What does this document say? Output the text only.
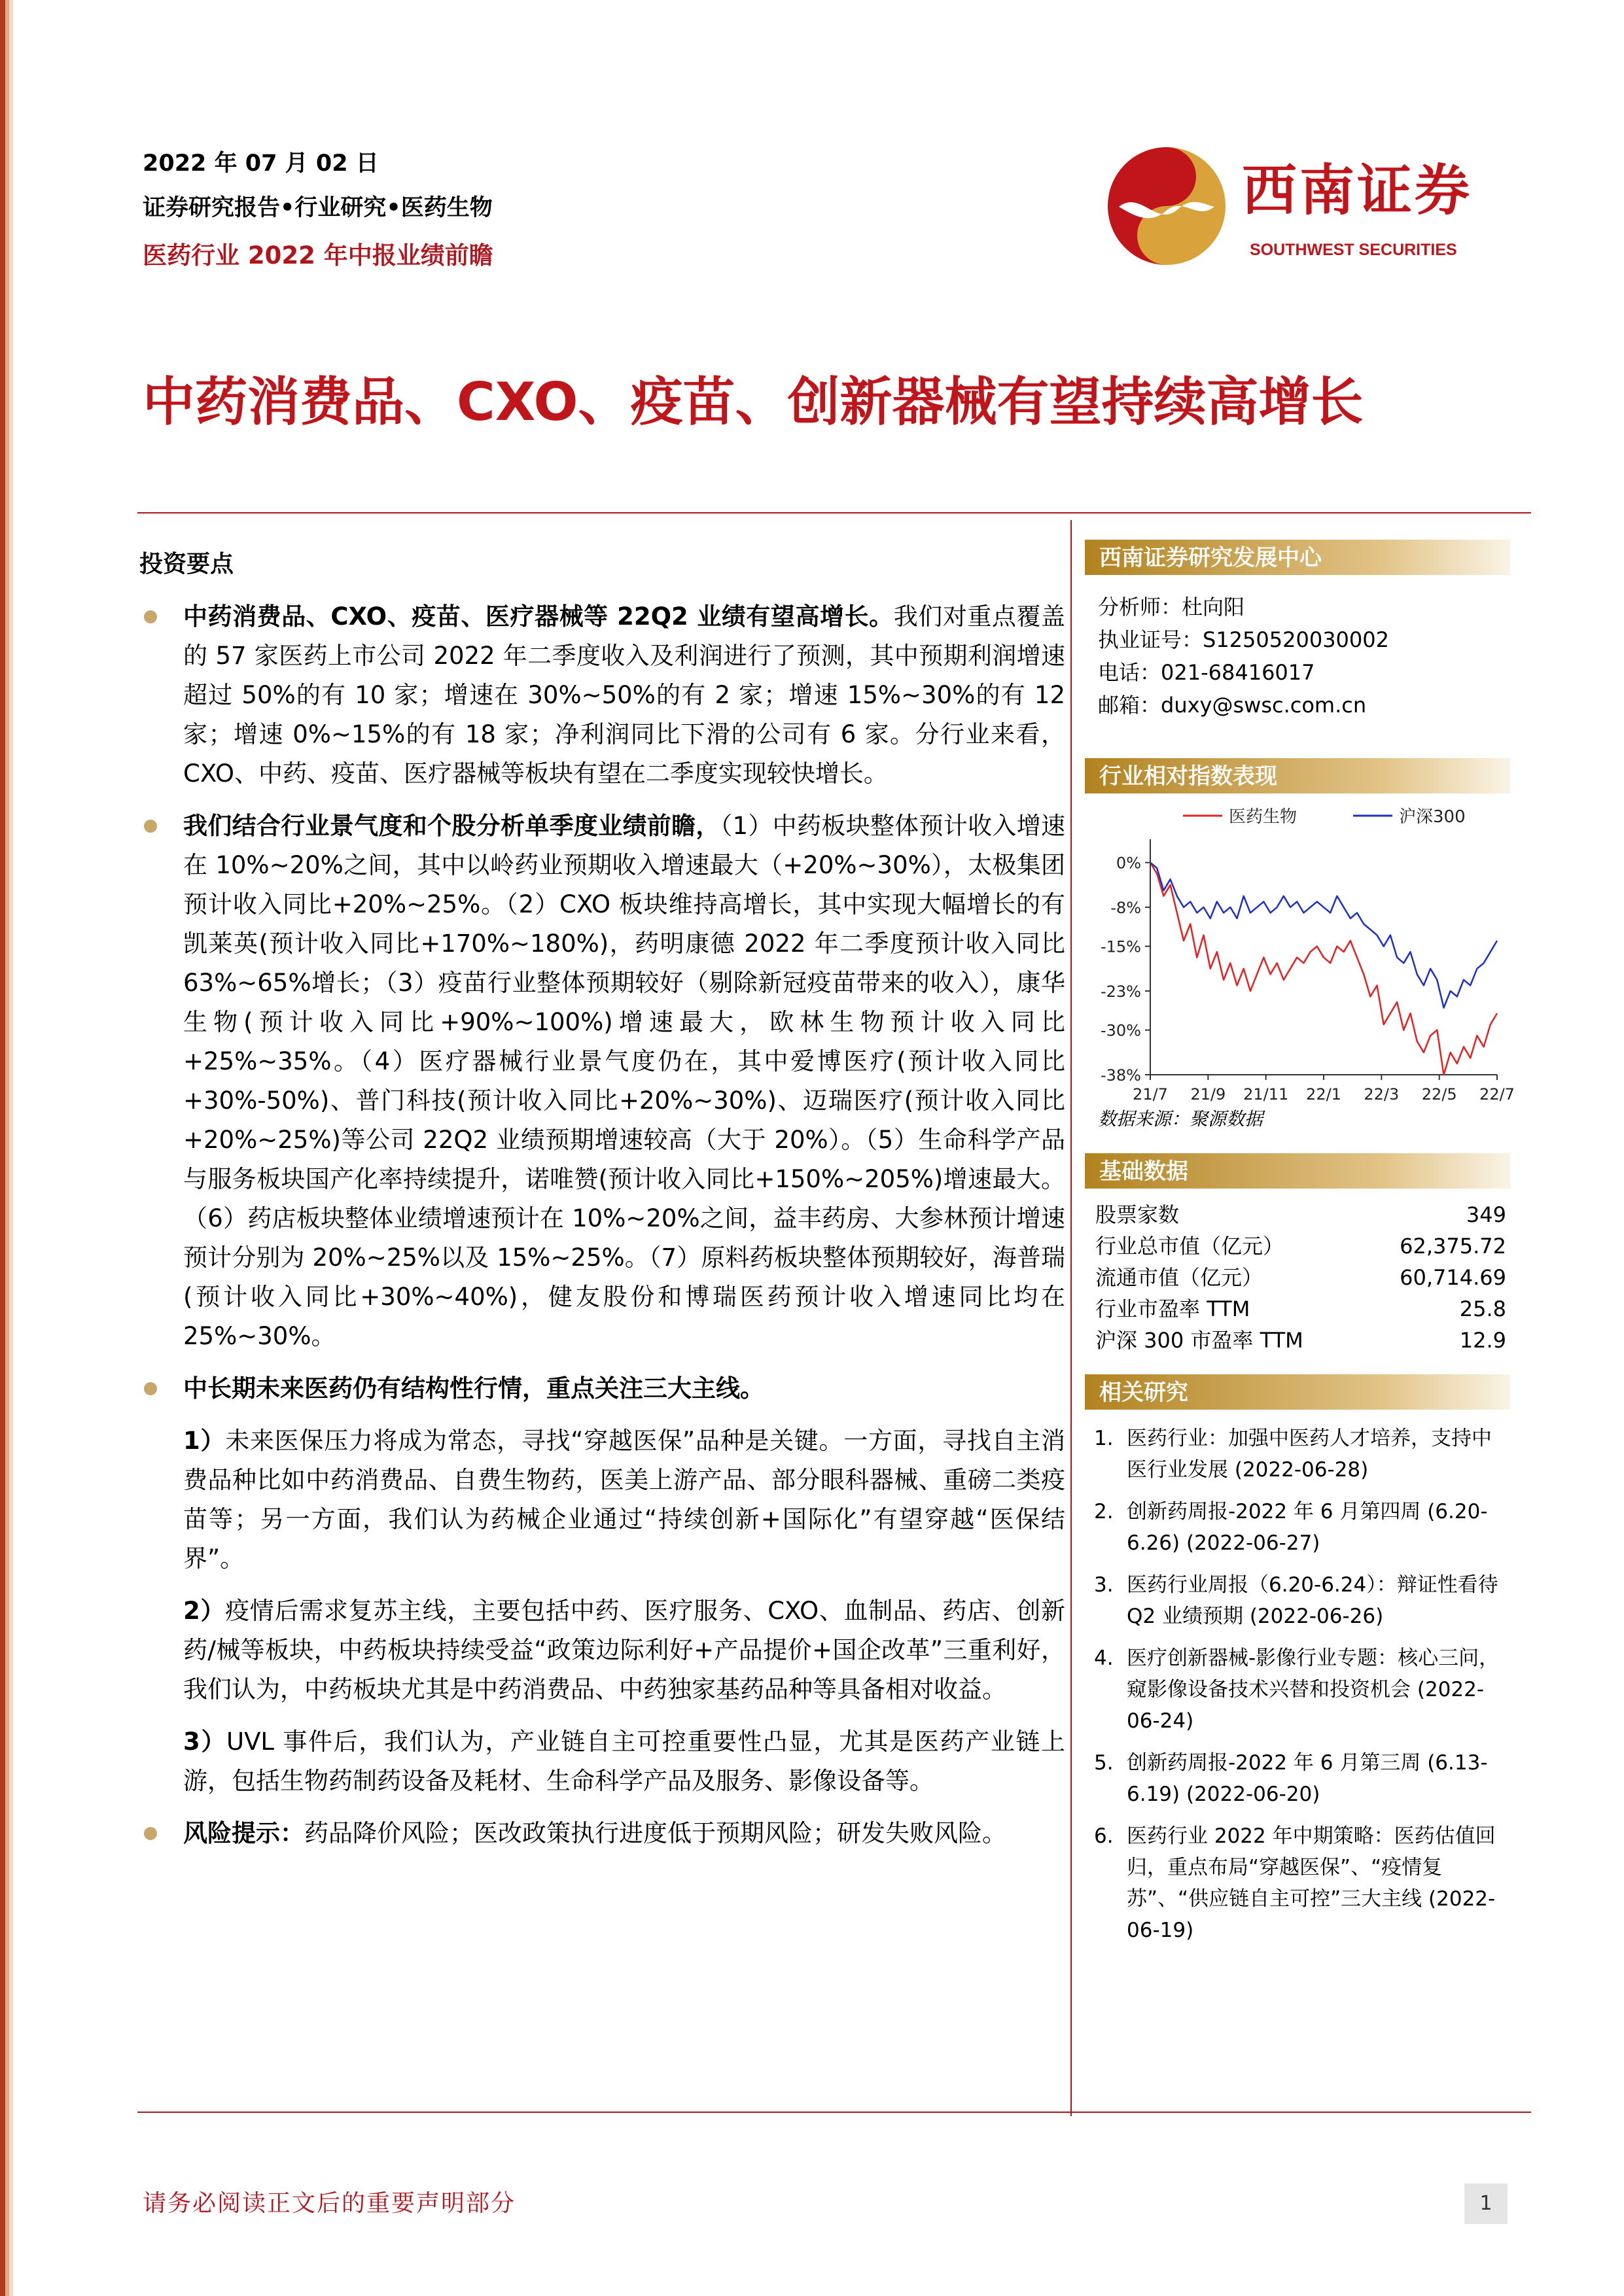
2022 年 07 月 02 日
证券研究报告•行业研究•医药生物
医药行业 2022 年中报业绩前瞻
西南证券
SOUTHWEST SECURITIES
中药消费品、CXO、疫苗、创新器械有望持续高增长
投资要点
中药消费品、CXO、疫苗、医疗器械等 22Q2 业绩有望高增长。我们对重点覆盖的 57 家医药上市公司 2022 年二季度收入及利润进行了预测，其中预期利润增速超过 50%的有 10 家；增速在 30%~50%的有 2 家；增速 15%~30%的有 12 家；增速 0%~15%的有 18 家；净利润同比下滑的公司有 6 家。分行业来看，CXO、中药、疫苗、医疗器械等板块有望在二季度实现较快增长。
我们结合行业景气度和个股分析单季度业绩前瞻，（1）中药板块整体预计收入增速在 10%~20%之间，其中以岭药业预期收入增速最大（+20%~30%），太极集团预计收入同比+20%~25%。（2）CXO 板块维持高增长，其中实现大幅增长的有凯莱英(预计收入同比+170%~180%)，药明康德 2022 年二季度预计收入同比 63%~65%增长；（3）疫苗行业整体预期较好（剔除新冠疫苗带来的收入），康华生物(预计收入同比+90%~100%)增速最大，欧林生物预计收入同比+25%~35%。（4）医疗器械行业景气度仍在，其中爱博医疗(预计收入同比+30%-50%)、普门科技(预计收入同比+20%~30%)、迈瑞医疗(预计收入同比+20%~25%)等公司 22Q2 业绩预期增速较高（大于 20%）。（5）生命科学产品与服务板块国产化率持续提升，诺唯赞(预计收入同比+150%~205%)增速最大。（6）药店板块整体业绩增速预计在 10%~20%之间，益丰药房、大参林预计增速预计分别为 20%~25%以及 15%~25%。（7）原料药板块整体预期较好，海普瑞(预计收入同比+30%~40%)，健友股份和博瑞医药预计收入增速同比均在 25%~30%。
中长期未来医药仍有结构性行情，重点关注三大主线。
1）未来医保压力将成为常态，寻找“穿越医保”品种是关键。一方面，寻找自主消费品种比如中药消费品、自费生物药，医美上游产品、部分眼科器械、重磅二类疫苗等；另一方面，我们认为药械企业通过“持续创新+国际化”有望穿越“医保结界”。
2）疫情后需求复苏主线，主要包括中药、医疗服务、CXO、血制品、药店、创新药/械等板块，中药板块持续受益“政策边际利好+产品提价+国企改革”三重利好，我们认为，中药板块尤其是中药消费品、中药独家基药品种等具备相对收益。
3）UVL 事件后，我们认为，产业链自主可控重要性凸显，尤其是医药产业链上游，包括生物药制药设备及耗材、生命科学产品及服务、影像设备等。
风险提示：药品降价风险；医改政策执行进度低于预期风险；研发失败风险。
西南证券研究发展中心
分析师：杜向阳
执业证号：S1250520030002
电话：021-68416017
邮箱：duxy@swsc.com.cn
行业相对指数表现
医药生物	沪深300
0%
-8%
-15%
-23%
-30%
-38%
21/7 21/9 21/11 22/1 22/3 22/5 22/7
数据来源：聚源数据
基础数据
股票家数	349
行业总市值（亿元）	62,375.72
流通市值（亿元）	60,714.69
行业市盈率 TTM	25.8
沪深 300 市盈率 TTM	12.9
相关研究
1. 医药行业：加强中医药人才培养，支持中医行业发展 (2022-06-28)
2. 创新药周报-2022 年 6 月第四周 (6.20-6.26) (2022-06-27)
3. 医药行业周报（6.20-6.24）：辩证性看待 Q2 业绩预期 (2022-06-26)
4. 医疗创新器械-影像行业专题：核心三问，窥影像设备技术兴替和投资机会 (2022-06-24)
5. 创新药周报-2022 年 6 月第三周 (6.13-6.19) (2022-06-20)
6. 医药行业 2022 年中期策略：医药估值回归，重点布局“穿越医保”、“疫情复苏”、“供应链自主可控”三大主线 (2022-06-19)
请务必阅读正文后的重要声明部分	1
